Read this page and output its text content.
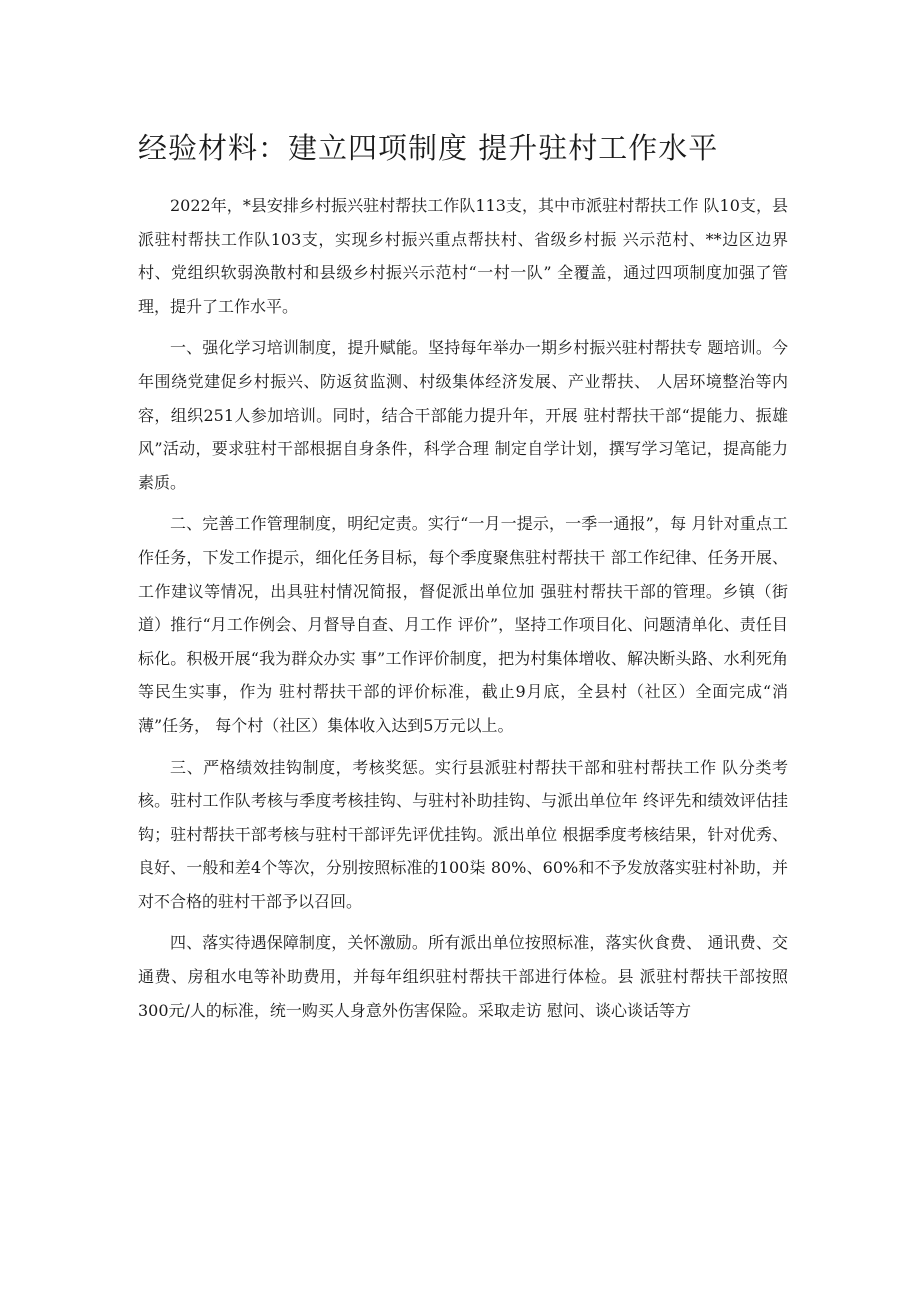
经验材料：建立四项制度 提升驻村工作水平

2022年，*县安排乡村振兴驻村帮扶工作队113支，其中市派驻村帮扶工作 队10支，县派驻村帮扶工作队103支，实现乡村振兴重点帮扶村、省级乡村振 兴示范村、**边区边界村、党组织软弱涣散村和县级乡村振兴示范村“一村一队” 全覆盖，通过四项制度加强了管理，提升了工作水平。

一、强化学习培训制度，提升赋能。坚持每年举办一期乡村振兴驻村帮扶专 题培训。今年围绕党建促乡村振兴、防返贫监测、村级集体经济发展、产业帮扶、 人居环境整治等内容，组织251人参加培训。同时，结合干部能力提升年，开展 驻村帮扶干部“提能力、振雄风”活动，要求驻村干部根据自身条件，科学合理 制定自学计划，撰写学习笔记，提高能力素质。

二、完善工作管理制度，明纪定责。实行“一月一提示，一季一通报”，每 月针对重点工作任务，下发工作提示，细化任务目标，每个季度聚焦驻村帮扶干 部工作纪律、任务开展、工作建议等情况，出具驻村情况简报，督促派出单位加 强驻村帮扶干部的管理。乡镇（街道）推行“月工作例会、月督导自查、月工作 评价”，坚持工作项目化、问题清单化、责任目标化。积极开展“我为群众办实 事”工作评价制度，把为村集体增收、解决断头路、水利死角等民生实事，作为 驻村帮扶干部的评价标准，截止9月底，全县村（社区）全面完成“消薄”任务， 每个村（社区）集体收入达到5万元以上。

三、严格绩效挂钩制度，考核奖惩。实行县派驻村帮扶干部和驻村帮扶工作 队分类考核。驻村工作队考核与季度考核挂钩、与驻村补助挂钩、与派出单位年 终评先和绩效评估挂钩；驻村帮扶干部考核与驻村干部评先评优挂钩。派出单位 根据季度考核结果，针对优秀、良好、一般和差4个等次，分别按照标准的100柒 80%、60%和不予发放落实驻村补助，并对不合格的驻村干部予以召回。

四、落实待遇保障制度，关怀激励。所有派出单位按照标准，落实伙食费、 通讯费、交通费、房租水电等补助费用，并每年组织驻村帮扶干部进行体检。县 派驻村帮扶干部按照300元/人的标准，统一购买人身意外伤害保险。采取走访 慰问、谈心谈话等方
